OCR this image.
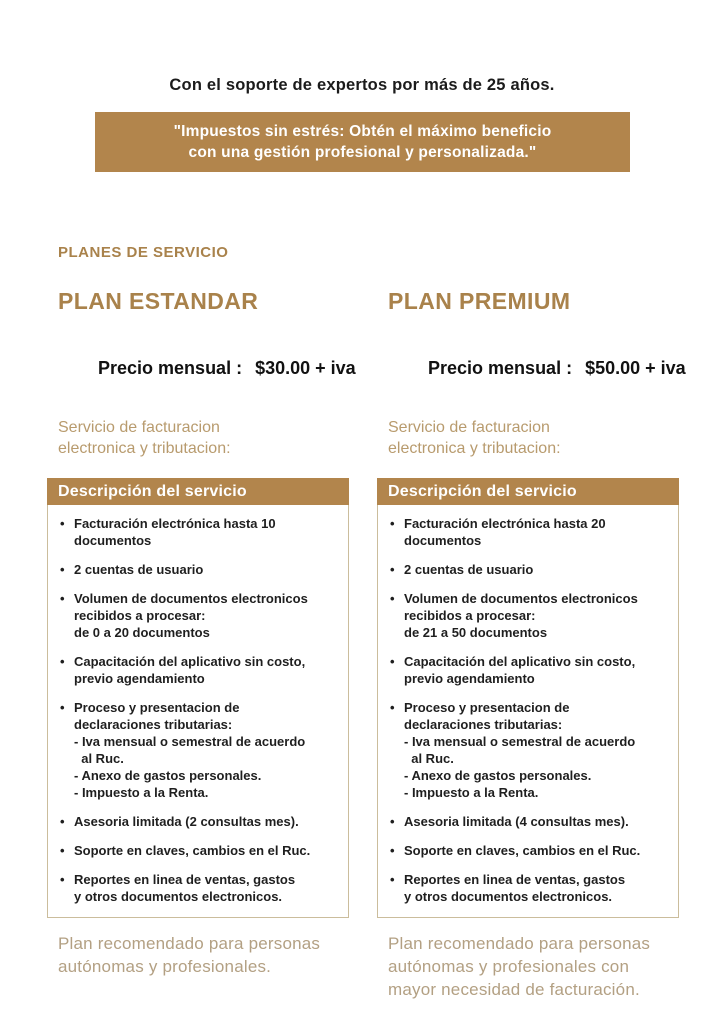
Con el soporte de expertos por más de 25 años.
"Impuestos sin estrés: Obtén el máximo beneficio
con una gestión profesional y personalizada."
PLANES DE SERVICIO
PLAN ESTANDAR

Precio mensual : $30.00 + iva

Servicio de facturacion
electronica y tributacion:
Descripción del servicio
• Facturación electrónica hasta 10
documentos
• 2 cuentas de usuario
• Volumen de documentos electronicos
recibidos a procesar:
de 0 a 20 documentos
• Capacitación del aplicativo sin costo,
previo agendamiento
• Proceso y presentacion de
declaraciones tributarias:
- Iva mensual o semestral de acuerdo
al Ruc.
- Anexo de gastos personales.
- Impuesto a la Renta.
• Asesoria limitada (2 consultas mes).
• Soporte en claves, cambios en el Ruc.
• Reportes en linea de ventas, gastos
y otros documentos electronicos.
Plan recomendado para personas
autónomas y profesionales.
PLAN PREMIUM

Precio mensual : $50.00 + iva

Servicio de facturacion
electronica y tributacion:
Descripción del servicio
• Facturación electrónica hasta 20
documentos
• 2 cuentas de usuario
• Volumen de documentos electronicos
recibidos a procesar:
de 21 a 50 documentos
• Capacitación del aplicativo sin costo,
previo agendamiento
• Proceso y presentacion de
declaraciones tributarias:
- Iva mensual o semestral de acuerdo
al Ruc.
- Anexo de gastos personales.
- Impuesto a la Renta.
• Asesoria limitada (4 consultas mes).
• Soporte en claves, cambios en el Ruc.
• Reportes en linea de ventas, gastos
y otros documentos electronicos.
Plan recomendado para personas
autónomas y profesionales con
mayor necesidad de facturación.
